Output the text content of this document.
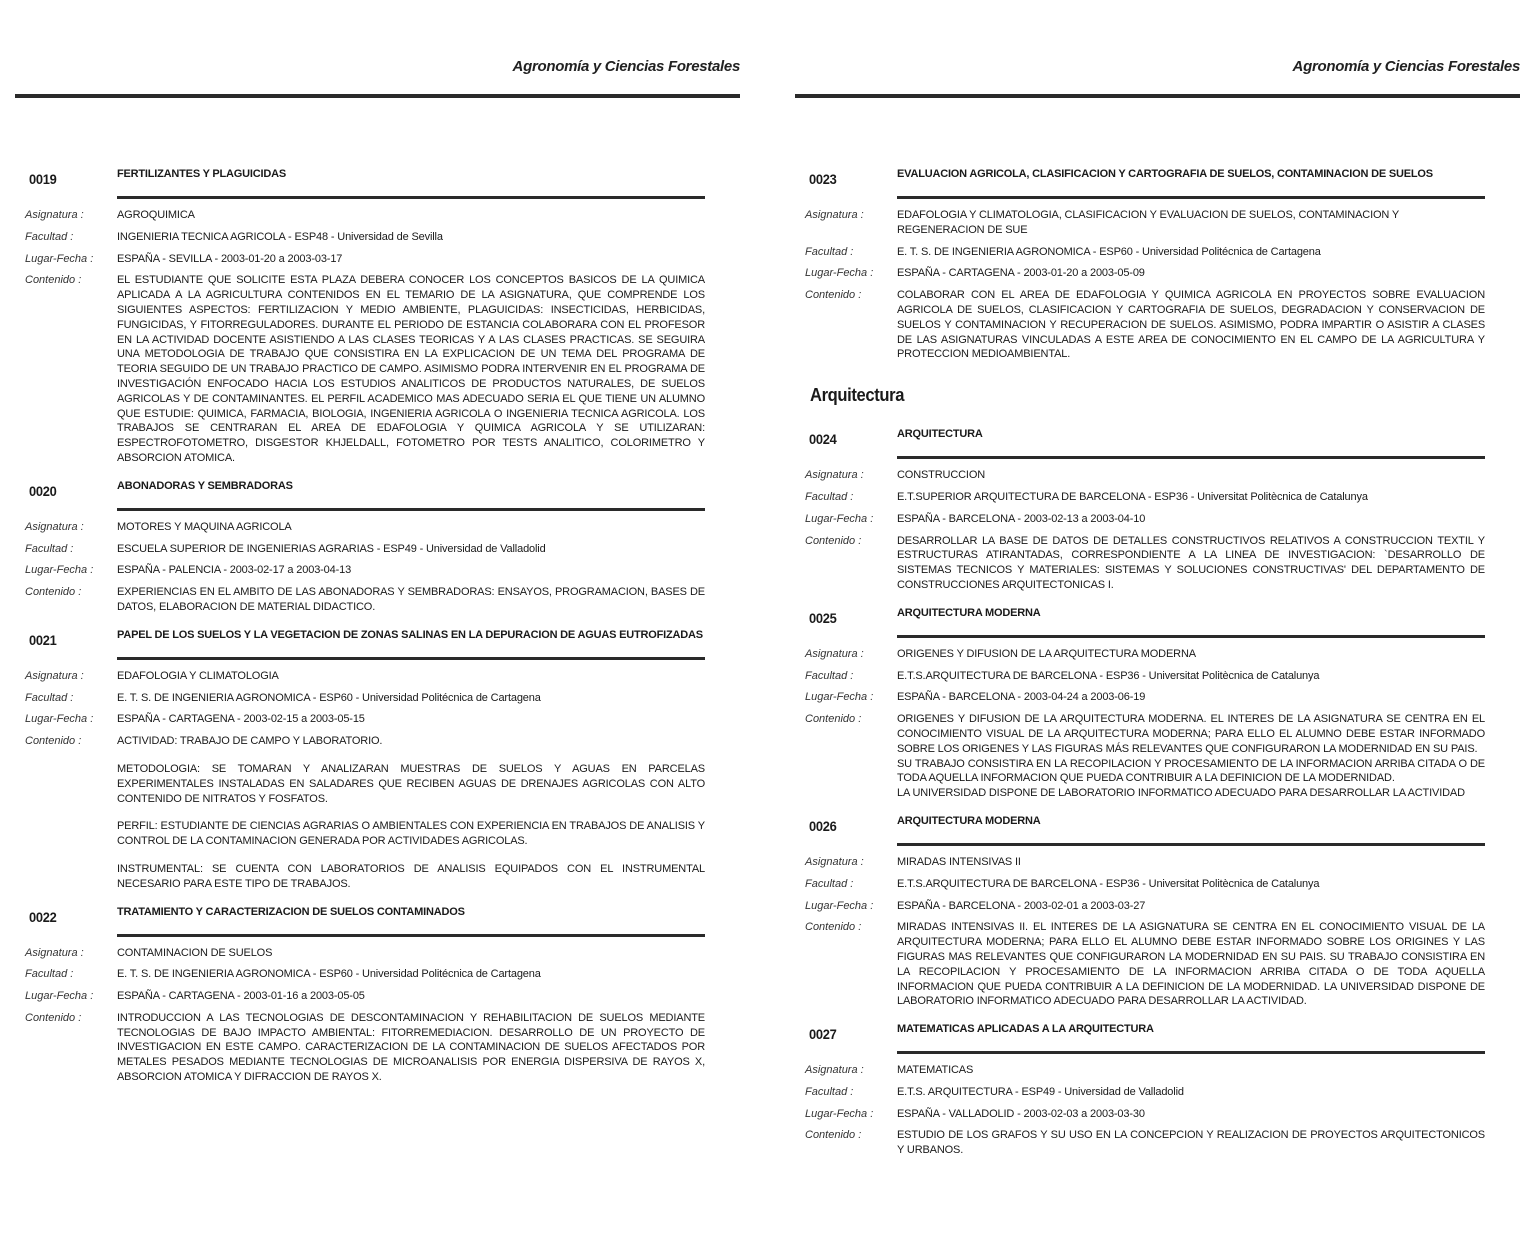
Agronomía y Ciencias Forestales
0019	FERTILIZANTES Y PLAGUICIDAS
Asignatura :	AGROQUIMICA
Facultad :	INGENIERIA TECNICA AGRICOLA - ESP48 - Universidad de Sevilla
Lugar-Fecha :	ESPAÑA - SEVILLA - 2003-01-20 a 2003-03-17
Contenido :	EL ESTUDIANTE QUE SOLICITE ESTA PLAZA DEBERA CONOCER LOS CONCEPTOS BASICOS DE LA QUIMICA APLICADA A LA AGRICULTURA CONTENIDOS EN EL TEMARIO DE LA ASIGNATURA, QUE COMPRENDE LOS SIGUIENTES ASPECTOS: FERTILIZACION Y MEDIO AMBIENTE, PLAGUICIDAS: INSECTICIDAS, HERBICIDAS, FUNGICIDAS, Y FITORREGULADORES. DURANTE EL PERIODO DE ESTANCIA COLABORARA CON EL PROFESOR EN LA ACTIVIDAD DOCENTE ASISTIENDO A LAS CLASES TEORICAS Y A LAS CLASES PRACTICAS. SE SEGUIRA UNA METODOLOGIA DE TRABAJO QUE CONSISTIRA EN LA EXPLICACION DE UN TEMA DEL PROGRAMA DE TEORIA SEGUIDO DE UN TRABAJO PRACTICO DE CAMPO. ASIMISMO PODRA INTERVENIR EN EL PROGRAMA DE INVESTIGACIÓN ENFOCADO HACIA LOS ESTUDIOS ANALITICOS DE PRODUCTOS NATURALES, DE SUELOS AGRICOLAS Y DE CONTAMINANTES. EL PERFIL ACADEMICO MAS ADECUADO SERIA EL QUE TIENE UN ALUMNO QUE ESTUDIE: QUIMICA, FARMACIA, BIOLOGIA, INGENIERIA AGRICOLA O INGENIERIA TECNICA AGRICOLA. LOS TRABAJOS SE CENTRARAN EL AREA DE EDAFOLOGIA Y QUIMICA AGRICOLA Y SE UTILIZARAN: ESPECTROFOTOMETRO, DISGESTOR KHJELDALL, FOTOMETRO POR TESTS ANALITICO, COLORIMETRO Y ABSORCION ATOMICA.
0020	ABONADORAS Y SEMBRADORAS
Asignatura :	MOTORES Y MAQUINA AGRICOLA
Facultad :	ESCUELA SUPERIOR DE INGENIERIAS AGRARIAS - ESP49 - Universidad de Valladolid
Lugar-Fecha :	ESPAÑA - PALENCIA - 2003-02-17 a 2003-04-13
Contenido :	EXPERIENCIAS EN EL AMBITO DE LAS ABONADORAS Y SEMBRADORAS: ENSAYOS, PROGRAMACION, BASES DE DATOS, ELABORACION DE MATERIAL DIDACTICO.
0021	PAPEL DE LOS SUELOS Y LA VEGETACION DE ZONAS SALINAS EN LA DEPURACION DE AGUAS EUTROFIZADAS
Asignatura :	EDAFOLOGIA Y CLIMATOLOGIA
Facultad :	E. T. S. DE INGENIERIA AGRONOMICA - ESP60 - Universidad Politécnica de Cartagena
Lugar-Fecha :	ESPAÑA - CARTAGENA - 2003-02-15 a 2003-05-15
Contenido :	ACTIVIDAD: TRABAJO DE CAMPO Y LABORATORIO.
METODOLOGIA: SE TOMARAN Y ANALIZARAN MUESTRAS DE SUELOS Y AGUAS EN PARCELAS EXPERIMENTALES INSTALADAS EN SALADARES QUE RECIBEN AGUAS DE DRENAJES AGRICOLAS CON ALTO CONTENIDO DE NITRATOS Y FOSFATOS.
PERFIL: ESTUDIANTE DE CIENCIAS AGRARIAS O AMBIENTALES CON EXPERIENCIA EN TRABAJOS DE ANALISIS Y CONTROL DE LA CONTAMINACION GENERADA POR ACTIVIDADES AGRICOLAS.
INSTRUMENTAL: SE CUENTA CON LABORATORIOS DE ANALISIS EQUIPADOS CON EL INSTRUMENTAL NECESARIO PARA ESTE TIPO DE TRABAJOS.
0022	TRATAMIENTO Y CARACTERIZACION DE SUELOS CONTAMINADOS
Asignatura :	CONTAMINACION DE SUELOS
Facultad :	E. T. S. DE INGENIERIA AGRONOMICA - ESP60 - Universidad Politécnica de Cartagena
Lugar-Fecha :	ESPAÑA - CARTAGENA - 2003-01-16 a 2003-05-05
Contenido :	INTRODUCCION A LAS TECNOLOGIAS DE DESCONTAMINACION Y REHABILITACION DE SUELOS MEDIANTE TECNOLOGIAS DE BAJO IMPACTO AMBIENTAL: FITORREMEDIACION. DESARROLLO DE UN PROYECTO DE INVESTIGACION EN ESTE CAMPO. CARACTERIZACION DE LA CONTAMINACION DE SUELOS AFECTADOS POR METALES PESADOS MEDIANTE TECNOLOGIAS DE MICROANALISIS POR ENERGIA DISPERSIVA DE RAYOS X, ABSORCION ATOMICA Y DIFRACCION DE RAYOS X.
Agronomía y Ciencias Forestales
0023	EVALUACION AGRICOLA, CLASIFICACION Y CARTOGRAFIA DE SUELOS, CONTAMINACION DE SUELOS
Asignatura :	EDAFOLOGIA Y CLIMATOLOGIA, CLASIFICACION Y EVALUACION DE SUELOS, CONTAMINACION Y REGENERACION DE SUE
Facultad :	E. T. S. DE INGENIERIA AGRONOMICA - ESP60 - Universidad Politécnica de Cartagena
Lugar-Fecha :	ESPAÑA - CARTAGENA - 2003-01-20 a 2003-05-09
Contenido :	COLABORAR CON EL AREA DE EDAFOLOGIA Y QUIMICA AGRICOLA EN PROYECTOS SOBRE EVALUACION AGRICOLA DE SUELOS, CLASIFICACION Y CARTOGRAFIA DE SUELOS, DEGRADACION Y CONSERVACION DE SUELOS Y CONTAMINACION Y RECUPERACION DE SUELOS. ASIMISMO, PODRA IMPARTIR O ASISTIR A CLASES DE LAS ASIGNATURAS VINCULADAS A ESTE AREA DE CONOCIMIENTO EN EL CAMPO DE LA AGRICULTURA Y PROTECCION MEDIOAMBIENTAL.
Arquitectura
0024	ARQUITECTURA
Asignatura :	CONSTRUCCION
Facultad :	E.T.SUPERIOR ARQUITECTURA DE BARCELONA - ESP36 - Universitat Politècnica de Catalunya
Lugar-Fecha :	ESPAÑA - BARCELONA - 2003-02-13 a 2003-04-10
Contenido :	DESARROLLAR LA BASE DE DATOS DE DETALLES CONSTRUCTIVOS RELATIVOS A CONSTRUCCION TEXTIL Y ESTRUCTURAS ATIRANTADAS, CORRESPONDIENTE A LA LINEA DE INVESTIGACION: `DESARROLLO DE SISTEMAS TECNICOS Y MATERIALES: SISTEMAS Y SOLUCIONES CONSTRUCTIVAS' DEL DEPARTAMENTO DE CONSTRUCCIONES ARQUITECTONICAS I.
0025	ARQUITECTURA MODERNA
Asignatura :	ORIGENES Y DIFUSION DE LA ARQUITECTURA MODERNA
Facultad :	E.T.S.ARQUITECTURA DE BARCELONA - ESP36 - Universitat Politècnica de Catalunya
Lugar-Fecha :	ESPAÑA - BARCELONA - 2003-04-24 a 2003-06-19
Contenido :	ORIGENES Y DIFUSION DE LA ARQUITECTURA MODERNA. EL INTERES DE LA ASIGNATURA SE CENTRA EN EL CONOCIMIENTO VISUAL DE LA ARQUITECTURA MODERNA; PARA ELLO EL ALUMNO DEBE ESTAR INFORMADO SOBRE LOS ORIGENES Y LAS FIGURAS MÁS RELEVANTES QUE CONFIGURARON LA MODERNIDAD EN SU PAIS.
SU TRABAJO CONSISTIRA EN LA RECOPILACION Y PROCESAMIENTO DE LA INFORMACION ARRIBA CITADA O DE TODA AQUELLA INFORMACION QUE PUEDA CONTRIBUIR A LA DEFINICION DE LA MODERNIDAD.
LA UNIVERSIDAD DISPONE DE LABORATORIO INFORMATICO ADECUADO PARA DESARROLLAR LA ACTIVIDAD
0026	ARQUITECTURA MODERNA
Asignatura :	MIRADAS INTENSIVAS II
Facultad :	E.T.S.ARQUITECTURA DE BARCELONA - ESP36 - Universitat Politècnica de Catalunya
Lugar-Fecha :	ESPAÑA - BARCELONA - 2003-02-01 a 2003-03-27
Contenido :	MIRADAS INTENSIVAS II. EL INTERES DE LA ASIGNATURA SE CENTRA EN EL CONOCIMIENTO VISUAL DE LA ARQUITECTURA MODERNA; PARA ELLO EL ALUMNO DEBE ESTAR INFORMADO SOBRE LOS ORIGINES Y LAS FIGURAS MAS RELEVANTES QUE CONFIGURARON LA MODERNIDAD EN SU PAIS. SU TRABAJO CONSISTIRA EN LA RECOPILACION Y PROCESAMIENTO DE LA INFORMACION ARRIBA CITADA O DE TODA AQUELLA INFORMACION QUE PUEDA CONTRIBUIR A LA DEFINICION DE LA MODERNIDAD. LA UNIVERSIDAD DISPONE DE LABORATORIO INFORMATICO ADECUADO PARA DESARROLLAR LA ACTIVIDAD.
0027	MATEMATICAS APLICADAS A LA ARQUITECTURA
Asignatura :	MATEMATICAS
Facultad :	E.T.S. ARQUITECTURA - ESP49 - Universidad de Valladolid
Lugar-Fecha :	ESPAÑA - VALLADOLID - 2003-02-03 a 2003-03-30
Contenido :	ESTUDIO DE LOS GRAFOS Y SU USO EN LA CONCEPCION Y REALIZACION DE PROYECTOS ARQUITECTONICOS Y URBANOS.
